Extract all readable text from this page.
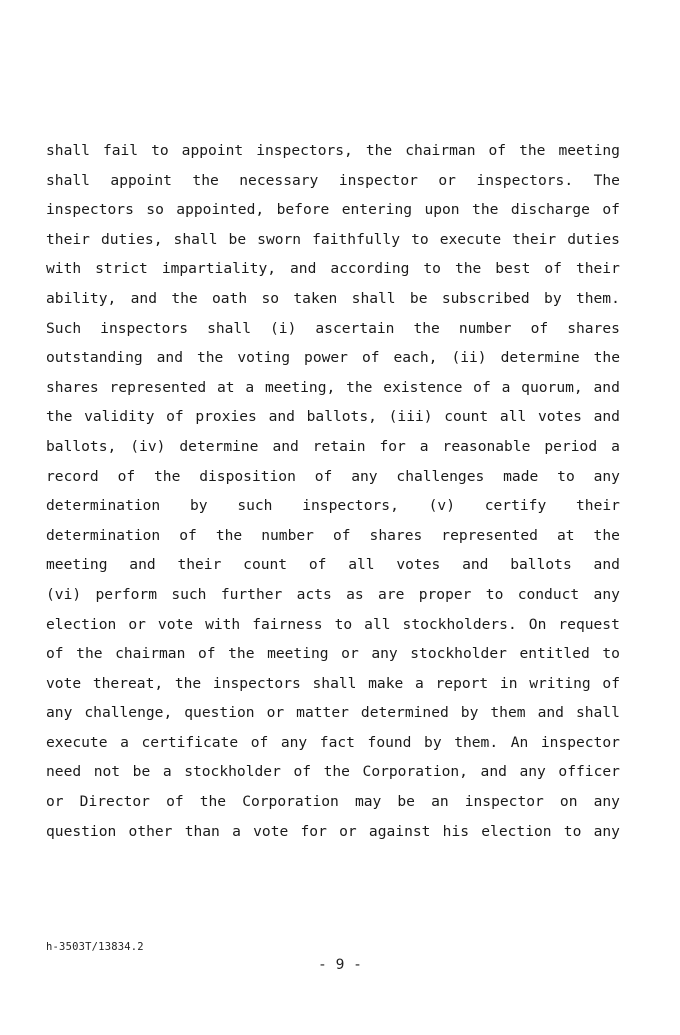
shall fail to appoint inspectors, the chairman of the meeting
shall appoint the necessary inspector or inspectors. The
inspectors so appointed, before entering upon the discharge of
their duties, shall be sworn faithfully to execute their duties
with strict impartiality, and according to the best of their
ability, and the oath so taken shall be subscribed by them.
Such inspectors shall (i) ascertain the number of shares
outstanding and the voting power of each, (ii) determine the
shares represented at a meeting, the existence of a quorum, and
the validity of proxies and ballots, (iii) count all votes and
ballots, (iv) determine and retain for a reasonable period a
record of the disposition of any challenges made to any
determination by such inspectors, (v) certify their
determination of the number of shares represented at the
meeting and their count of all votes and ballots and
(vi) perform such further acts as are proper to conduct any
election or vote with fairness to all stockholders. On request
of the chairman of the meeting or any stockholder entitled to
vote thereat, the inspectors shall make a report in writing of
any challenge, question or matter determined by them and shall
execute a certificate of any fact found by them. An inspector
need not be a stockholder of the Corporation, and any officer
or Director of the Corporation may be an inspector on any
question other than a vote for or against his election to any
h-3503T/13834.2
- 9 -
